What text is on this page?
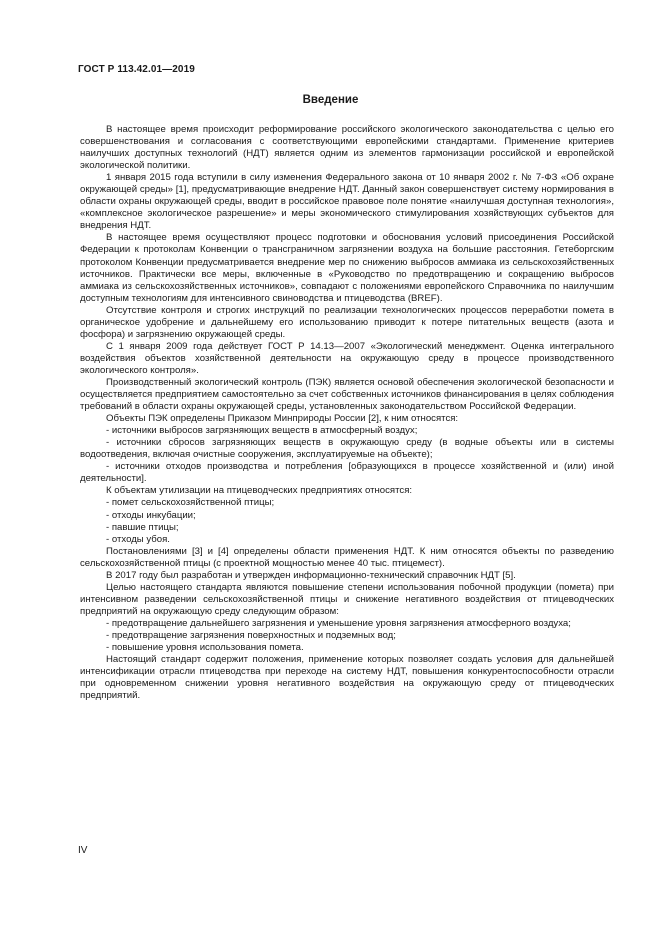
ГОСТ Р 113.42.01—2019
Введение

В настоящее время происходит реформирование российского экологического законодательства с целью его совершенствования и согласования с соответствующими европейскими стандартами. Применение критериев наилучших доступных технологий (НДТ) является одним из элементов гармонизации российской и европейской экологической политики.

1 января 2015 года вступили в силу изменения Федерального закона от 10 января 2002 г. № 7-ФЗ «Об охране окружающей среды» [1], предусматривающие внедрение НДТ. Данный закон совершенствует систему нормирования в области охраны окружающей среды, вводит в российское правовое поле понятие «наилучшая доступная технология», «комплексное экологическое разрешение» и меры экономического стимулирования хозяйствующих субъектов для внедрения НДТ.

В настоящее время осуществляют процесс подготовки и обоснования условий присоединения Российской Федерации к протоколам Конвенции о трансграничном загрязнении воздуха на большие расстояния. Гетеборгским протоколом Конвенции предусматривается внедрение мер по снижению выбросов аммиака из сельскохозяйственных источников. Практически все меры, включенные в «Руководство по предотвращению и сокращению выбросов аммиака из сельскохозяйственных источников», совпадают с положениями европейского Справочника по наилучшим доступным технологиям для интенсивного свиноводства и птицеводства (BREF).

Отсутствие контроля и строгих инструкций по реализации технологических процессов переработки помета в органическое удобрение и дальнейшему его использованию приводит к потере питательных веществ (азота и фосфора) и загрязнению окружающей среды.

С 1 января 2009 года действует ГОСТ Р 14.13—2007 «Экологический менеджмент. Оценка интегрального воздействия объектов хозяйственной деятельности на окружающую среду в процессе производственного экологического контроля».

Производственный экологический контроль (ПЭК) является основой обеспечения экологической безопасности и осуществляется предприятием самостоятельно за счет собственных источников финансирования в целях соблюдения требований в области охраны окружающей среды, установленных законодательством Российской Федерации.

Объекты ПЭК определены Приказом Минприроды России [2], к ним относятся:

- источники выбросов загрязняющих веществ в атмосферный воздух;

- источники сбросов загрязняющих веществ в окружающую среду (в водные объекты или в системы водоотведения, включая очистные сооружения, эксплуатируемые на объекте);

- источники отходов производства и потребления [образующихся в процессе хозяйственной и (или) иной деятельности].

К объектам утилизации на птицеводческих предприятиях относятся:

- помет сельскохозяйственной птицы;

- отходы инкубации;

- павшие птицы;

- отходы убоя.

Постановлениями [3] и [4] определены области применения НДТ. К ним относятся объекты по разведению сельскохозяйственной птицы (с проектной мощностью менее 40 тыс. птицемест).

В 2017 году был разработан и утвержден информационно-технический справочник НДТ [5].

Целью настоящего стандарта являются повышение степени использования побочной продукции (помета) при интенсивном разведении сельскохозяйственной птицы и снижение негативного воздействия от птицеводческих предприятий на окружающую среду следующим образом:

- предотвращение дальнейшего загрязнения и уменьшение уровня загрязнения атмосферного воздуха;

- предотвращение загрязнения поверхностных и подземных вод;

- повышение уровня использования помета.

Настоящий стандарт содержит положения, применение которых позволяет создать условия для дальнейшей интенсификации отрасли птицеводства при переходе на систему НДТ, повышения конкурентоспособности отрасли при одновременном снижении уровня негативного воздействия на окружающую среду от птицеводческих предприятий.

IV
